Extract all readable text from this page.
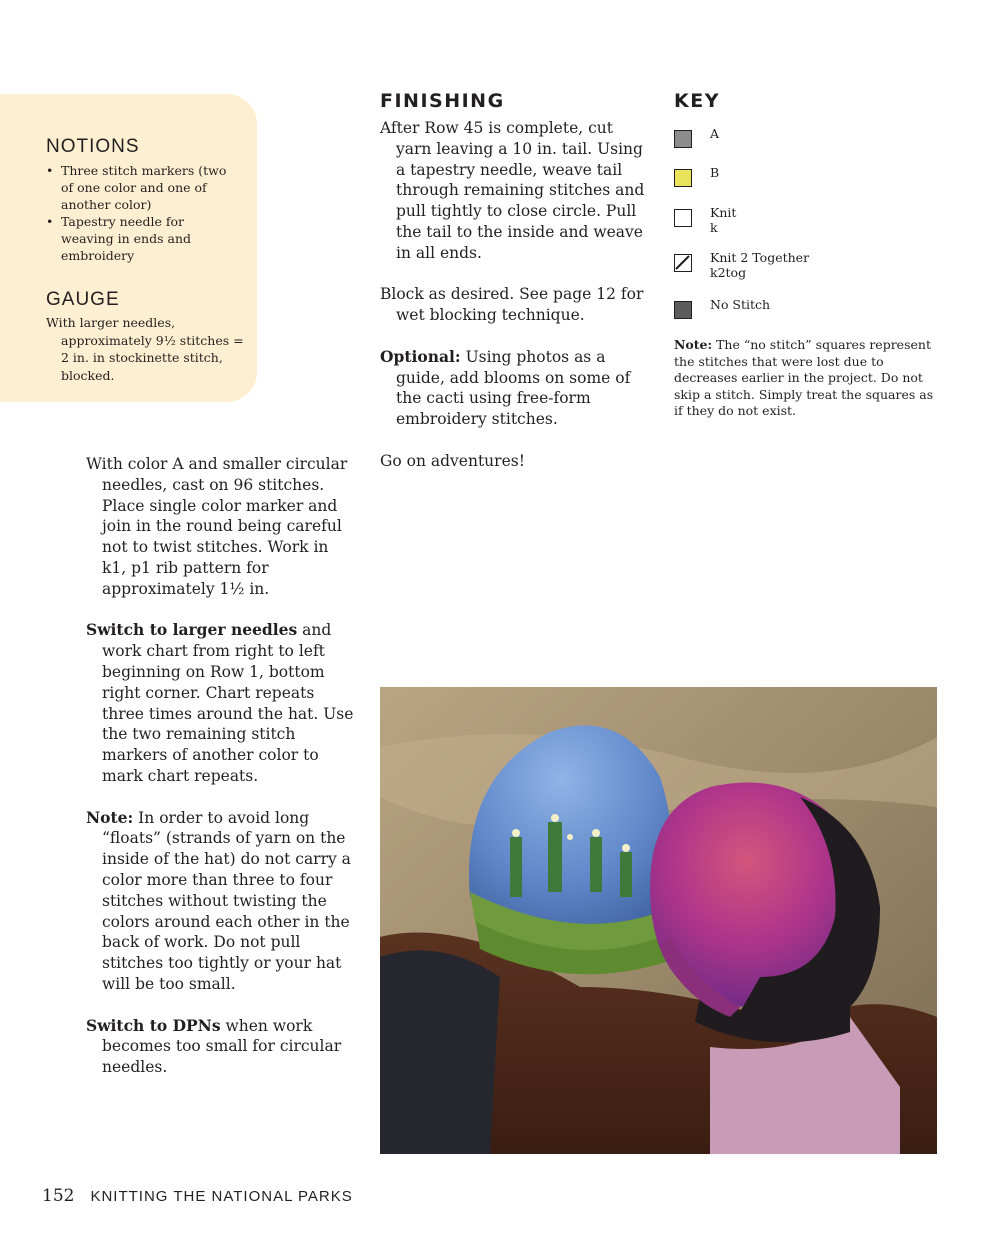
NOTIONS
• Three stitch markers (two of one color and one of another color)
• Tapestry needle for weaving in ends and embroidery
GAUGE

With larger needles, approximately 9½ stitches = 2 in. in stockinette stitch, blocked.

With color A and smaller circular needles, cast on 96 stitches. Place single color marker and join in the round being careful not to twist stitches. Work in k1, p1 rib pattern for approximately 1½ in.

Switch to larger needles and work chart from right to left beginning on Row 1, bottom right corner. Chart repeats three times around the hat. Use the two remaining stitch markers of another color to mark chart repeats.

Note: In order to avoid long “floats” (strands of yarn on the inside of the hat) do not carry a color more than three to four stitches without twisting the colors around each other in the back of work. Do not pull stitches too tightly or your hat will be too small.

Switch to DPNs when work becomes too small for circular needles.

FINISHING

After Row 45 is complete, cut yarn leaving a 10 in. tail. Using a tapestry needle, weave tail through remaining stitches and pull tightly to close circle. Pull the tail to the inside and weave in all ends.

Block as desired. See page 12 for wet blocking technique.

Optional: Using photos as a guide, add blooms on some of the cacti using free-form embroidery stitches.

Go on adventures!

KEY
A
B
Knit
k
Knit 2 Together
k2tog
No Stitch

Note: The “no stitch” squares represent the stitches that were lost due to decreases earlier in the project. Do not skip a stitch. Simply treat the squares as if they do not exist.

152 KNITTING THE NATIONAL PARKS
